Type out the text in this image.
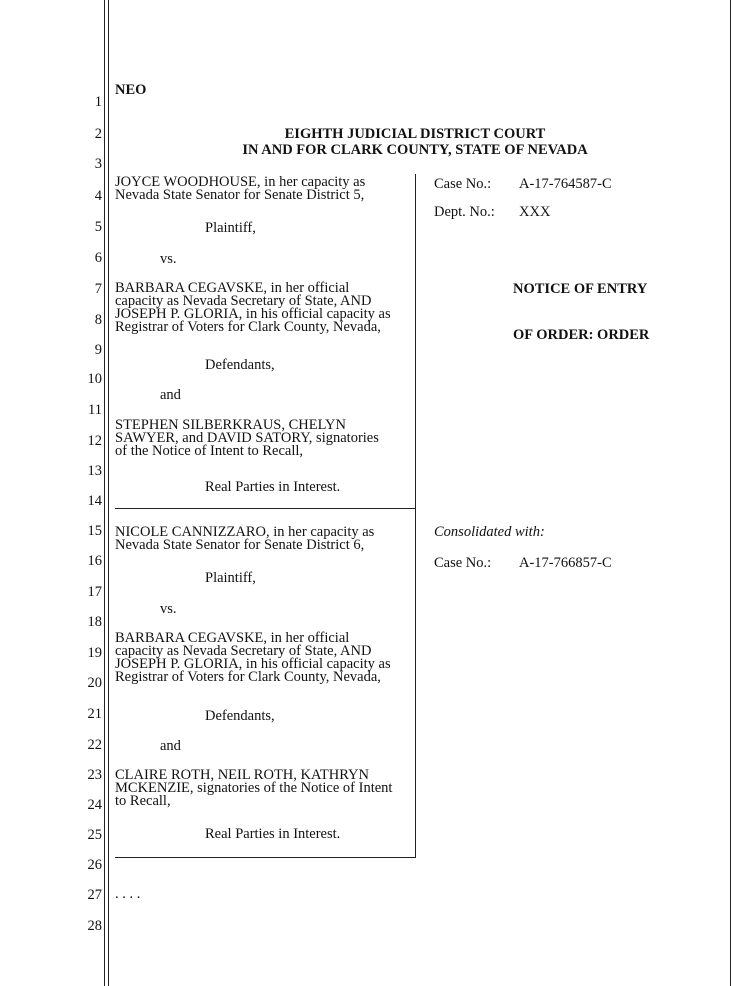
1
2
3
4
5
6
7
8
9
10
11
12
13
14
15
16
17
18
19
20
21
22
23
24
25
26
27
28
NEO
EIGHTH JUDICIAL DISTRICT COURT
IN AND FOR CLARK COUNTY, STATE OF NEVADA
JOYCE WOODHOUSE, in her capacity as
Nevada State Senator for Senate District 5,
Plaintiff,
vs.
BARBARA CEGAVSKE, in her official
capacity as Nevada Secretary of State, AND
JOSEPH P. GLORIA, in his official capacity as
Registrar of Voters for Clark County, Nevada,
Defendants,
and
STEPHEN SILBERKRAUS, CHELYN
SAWYER, and DAVID SATORY, signatories
of the Notice of Intent to Recall,
Real Parties in Interest.
NICOLE CANNIZZARO, in her capacity as
Nevada State Senator for Senate District 6,
Plaintiff,
vs.
BARBARA CEGAVSKE, in her official
capacity as Nevada Secretary of State, AND
JOSEPH P. GLORIA, in his official capacity as
Registrar of Voters for Clark County, Nevada,
Defendants,
and
CLAIRE ROTH, NEIL ROTH, KATHRYN
MCKENZIE, signatories of the Notice of Intent
to Recall,
Real Parties in Interest.
Case No.: A-17-764587-C
Dept. No.: XXX
NOTICE OF ENTRY
OF ORDER: ORDER
Consolidated with:
Case No.: A-17-766857-C
. . . .
